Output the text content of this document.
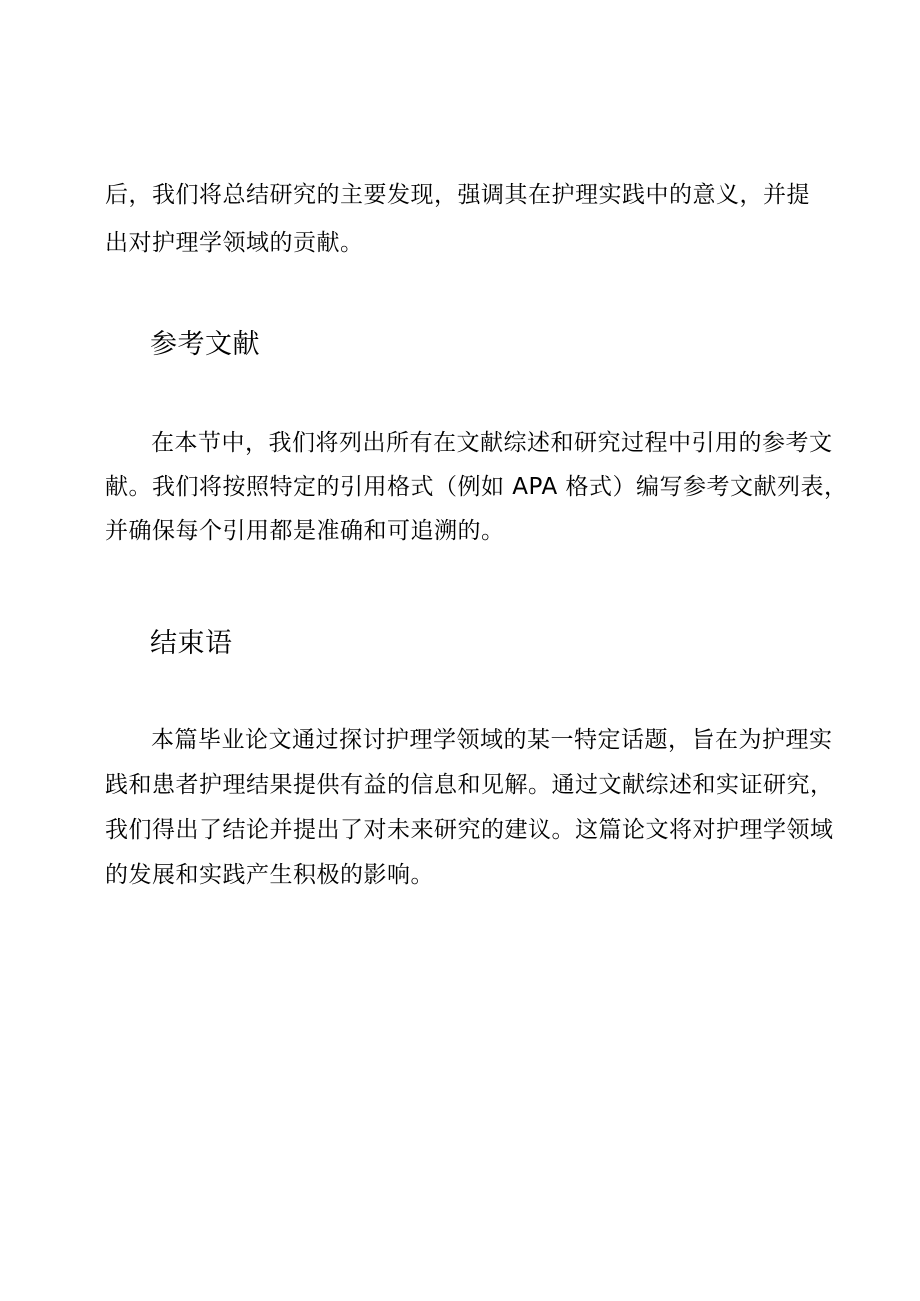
后，我们将总结研究的主要发现，强调其在护理实践中的意义，并提
出对护理学领域的贡献。

参考文献

在本节中，我们将列出所有在文献综述和研究过程中引用的参考文
献。我们将按照特定的引用格式（例如 APA 格式）编写参考文献列表，
并确保每个引用都是准确和可追溯的。

结束语

本篇毕业论文通过探讨护理学领域的某一特定话题，旨在为护理实
践和患者护理结果提供有益的信息和见解。通过文献综述和实证研究，
我们得出了结论并提出了对未来研究的建议。这篇论文将对护理学领域
的发展和实践产生积极的影响。
